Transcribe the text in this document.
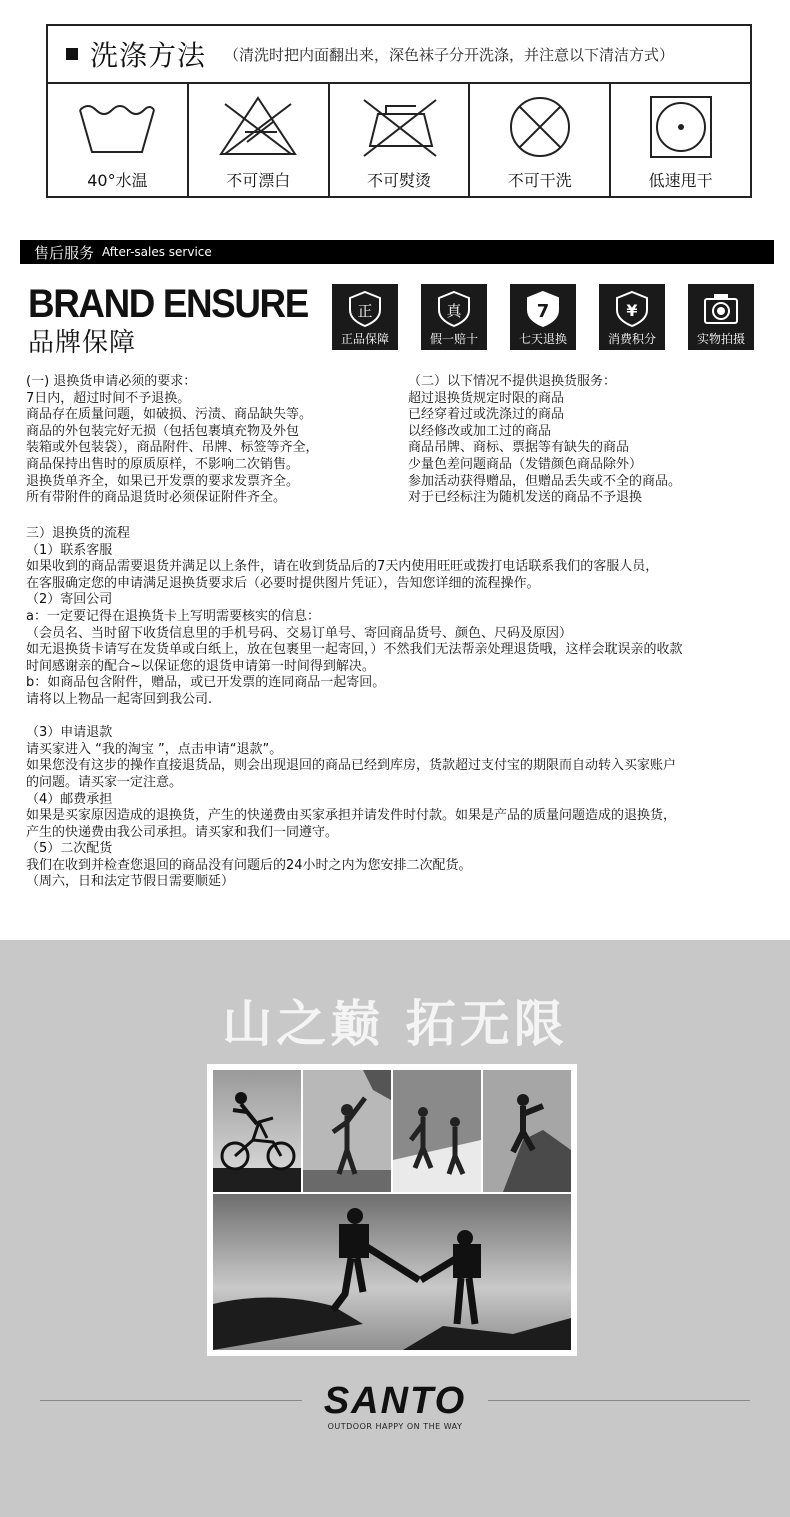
洗涤方法 （清洗时把内面翻出来，深色袜子分开洗涤，并注意以下清洁方式）
40°水温	不可漂白	不可熨烫	不可干洗	低速甩干
售后服务 After-sales service
BRAND ENSURE
品牌保障
正
正品保障
真
假一赔十
7
七天退换
¥
消费积分	实物拍摄
(一) 退换货申请必须的要求：
7日内，超过时间不予退换。
商品存在质量问题，如破损、污渍、商品缺失等。
商品的外包装完好无损（包括包裹填充物及外包
装箱或外包装袋），商品附件、吊牌、标签等齐全，
商品保持出售时的原质原样，不影响二次销售。
退换货单齐全，如果已开发票的要求发票齐全。
所有带附件的商品退货时必须保证附件齐全。
（二）以下情况不提供退换货服务：
超过退换货规定时限的商品
已经穿着过或洗涤过的商品
以经修改或加工过的商品
商品吊牌、商标、票据等有缺失的商品
少量色差问题商品（发错颜色商品除外）
参加活动获得赠品，但赠品丢失或不全的商品。
对于已经标注为随机发送的商品不予退换
三）退换货的流程
（1）联系客服
如果收到的商品需要退货并满足以上条件，请在收到货品后的7天内使用旺旺或拨打电话联系我们的客服人员，
在客服确定您的申请满足退换货要求后（必要时提供图片凭证），告知您详细的流程操作。
（2）寄回公司
a：一定要记得在退换货卡上写明需要核实的信息：
（会员名、当时留下收货信息里的手机号码、交易订单号、寄回商品货号、颜色、尺码及原因）
如无退换货卡请写在发货单或白纸上，放在包裹里一起寄回，）不然我们无法帮亲处理退货哦，这样会耽误亲的收款
时间感谢亲的配合~以保证您的退货申请第一时间得到解决。
b：如商品包含附件，赠品，或已开发票的连同商品一起寄回。
请将以上物品一起寄回到我公司.
（3）申请退款
请买家进入 “我的淘宝 ”，点击申请“退款”。
如果您没有这步的操作直接退货品，则会出现退回的商品已经到库房，货款超过支付宝的期限而自动转入买家账户
的问题。请买家一定注意。
（4）邮费承担
如果是买家原因造成的退换货，产生的快递费由买家承担并请发件时付款。如果是产品的质量问题造成的退换货，
产生的快递费由我公司承担。请买家和我们一同遵守。
（5）二次配货
我们在收到并检查您退回的商品没有问题后的24小时之内为您安排二次配货。
（周六，日和法定节假日需要顺延）
山之巅 拓无限
SANTO
OUTDOOR HAPPY ON THE WAY
